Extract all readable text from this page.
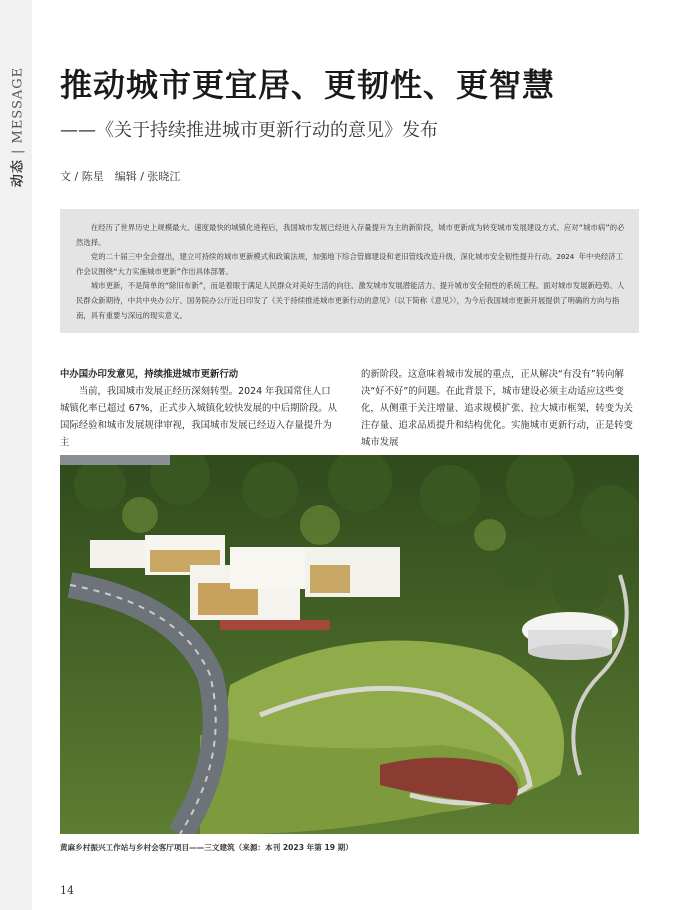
动态 | MESSAGE 推动城市更宜居、更韧性、更智慧
——《关于持续推进城市更新行动的意见》发布
文 / 陈星　编辑 / 张晓江

在经历了世界历史上规模最大、速度最快的城镇化进程后，我国城市发展已经进入存量提升为主的新阶段，城市更新成为转变城市发展建设方式、应对“城市病”的必然选择。

党的二十届三中全会提出，建立可持续的城市更新模式和政策法规，加强地下综合管廊建设和老旧管线改造升级，深化城市安全韧性提升行动。2024 年中央经济工作会议围绕“大力实施城市更新”作出具体部署。

城市更新，不是简单的“除旧布新”，而是着眼于满足人民群众对美好生活的向往、激发城市发展潜能活力、提升城市安全韧性的系统工程。面对城市发展新趋势、人民群众新期待，中共中央办公厅、国务院办公厅近日印发了《关于持续推进城市更新行动的意见》（以下简称《意见》），为今后我国城市更新开展提供了明确的方向与指南，具有重要与深远的现实意义。

中办国办印发意见，持续推进城市更新行动

当前，我国城市发展正经历深刻转型。2024 年我国常住人口城镇化率已超过 67%，正式步入城镇化较快发展的中后期阶段。从国际经验和城市发展规律审视，我国城市发展已经迈入存量提升为主

的新阶段。这意味着城市发展的重点，正从解决“有没有”转向解决“好不好”的问题。在此背景下，城市建设必须主动适应这些变化，从侧重于关注增量、追求规模扩张、拉大城市框架，转变为关注存量、追求品质提升和结构优化。实施城市更新行动，正是转变城市发展

黄麻乡村振兴工作站与乡村会客厅项目——三文建筑（来源：本刊 2023 年第 19 期）
14
